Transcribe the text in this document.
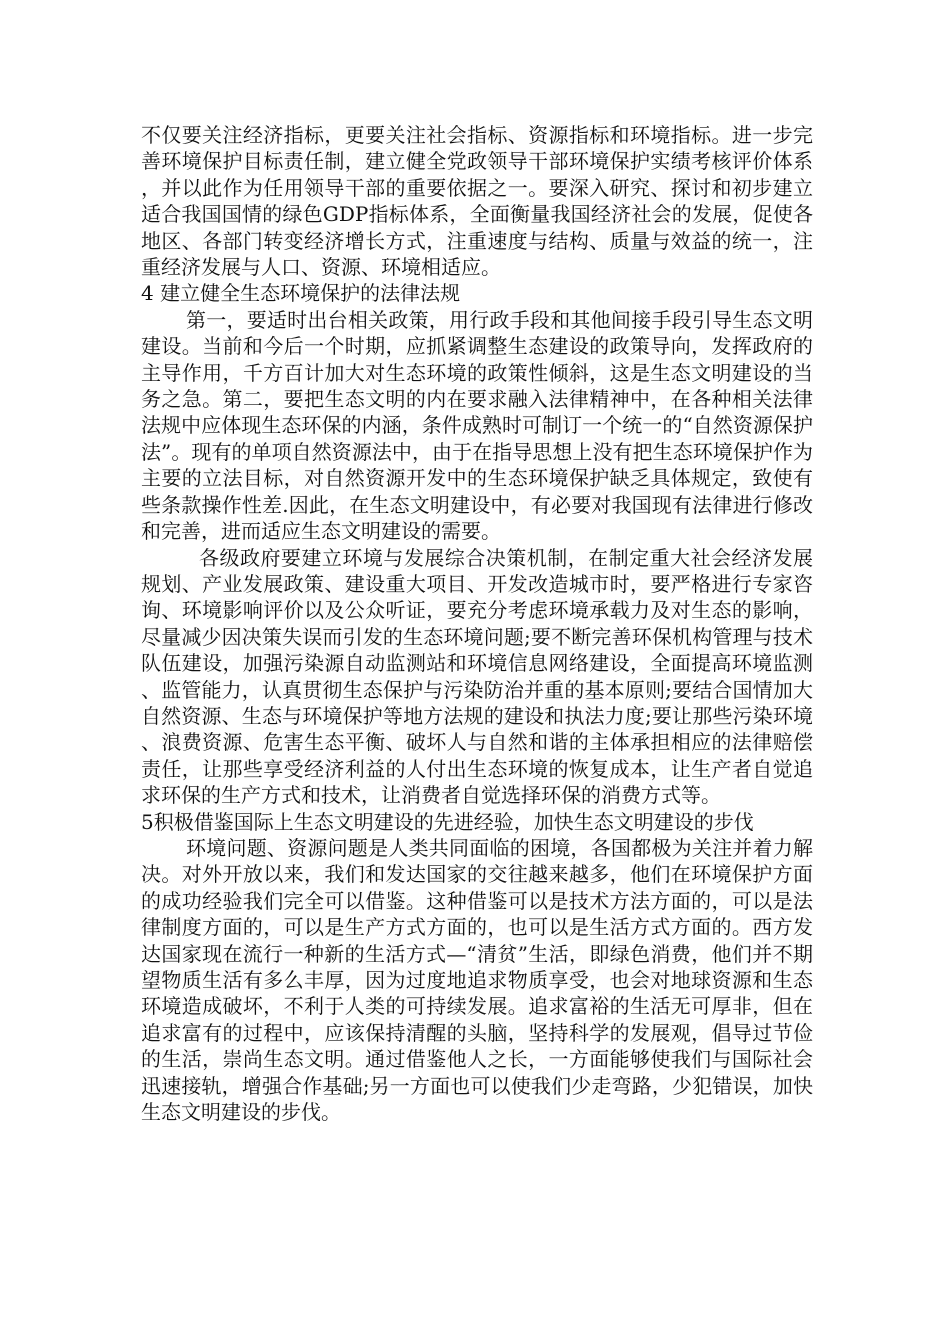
不仅要关注经济指标，更要关注社会指标、资源指标和环境指标。进一步完善环境保护目标责任制，建立健全党政领导干部环境保护实绩考核评价体系，并以此作为任用领导干部的重要依据之一。要深入研究、探讨和初步建立适合我国国情的绿色GDP指标体系，全面衡量我国经济社会的发展，促使各地区、各部门转变经济增长方式，注重速度与结构、质量与效益的统一，注重经济发展与人口、资源、环境相适应。

4 建立健全生态环境保护的法律法规

第一，要适时出台相关政策，用行政手段和其他间接手段引导生态文明建设。当前和今后一个时期，应抓紧调整生态建设的政策导向，发挥政府的主导作用，千方百计加大对生态环境的政策性倾斜，这是生态文明建设的当务之急。第二，要把生态文明的内在要求融入法律精神中，在各种相关法律法规中应体现生态环保的内涵，条件成熟时可制订一个统一的“自然资源保护法”。现有的单项自然资源法中，由于在指导思想上没有把生态环境保护作为主要的立法目标，对自然资源开发中的生态环境保护缺乏具体规定，致使有些条款操作性差.因此，在生态文明建设中，有必要对我国现有法律进行修改和完善，进而适应生态文明建设的需要。

各级政府要建立环境与发展综合决策机制，在制定重大社会经济发展规划、产业发展政策、建设重大项目、开发改造城市时，要严格进行专家咨询、环境影响评价以及公众听证，要充分考虑环境承载力及对生态的影响，尽量减少因决策失误而引发的生态环境问题;要不断完善环保机构管理与技术队伍建设，加强污染源自动监测站和环境信息网络建设，全面提高环境监测、监管能力，认真贯彻生态保护与污染防治并重的基本原则;要结合国情加大自然资源、生态与环境保护等地方法规的建设和执法力度;要让那些污染环境、浪费资源、危害生态平衡、破坏人与自然和谐的主体承担相应的法律赔偿责任，让那些享受经济利益的人付出生态环境的恢复成本，让生产者自觉追求环保的生产方式和技术，让消费者自觉选择环保的消费方式等。

5积极借鉴国际上生态文明建设的先进经验，加快生态文明建设的步伐

环境问题、资源问题是人类共同面临的困境，各国都极为关注并着力解决。对外开放以来，我们和发达国家的交往越来越多，他们在环境保护方面的成功经验我们完全可以借鉴。这种借鉴可以是技术方法方面的，可以是法律制度方面的，可以是生产方式方面的，也可以是生活方式方面的。西方发达国家现在流行一种新的生活方式—“清贫”生活，即绿色消费，他们并不期望物质生活有多么丰厚，因为过度地追求物质享受，也会对地球资源和生态环境造成破坏，不利于人类的可持续发展。追求富裕的生活无可厚非，但在追求富有的过程中，应该保持清醒的头脑，坚持科学的发展观，倡导过节俭的生活，崇尚生态文明。通过借鉴他人之长，一方面能够使我们与国际社会迅速接轨，增强合作基础;另一方面也可以使我们少走弯路，少犯错误，加快生态文明建设的步伐。
